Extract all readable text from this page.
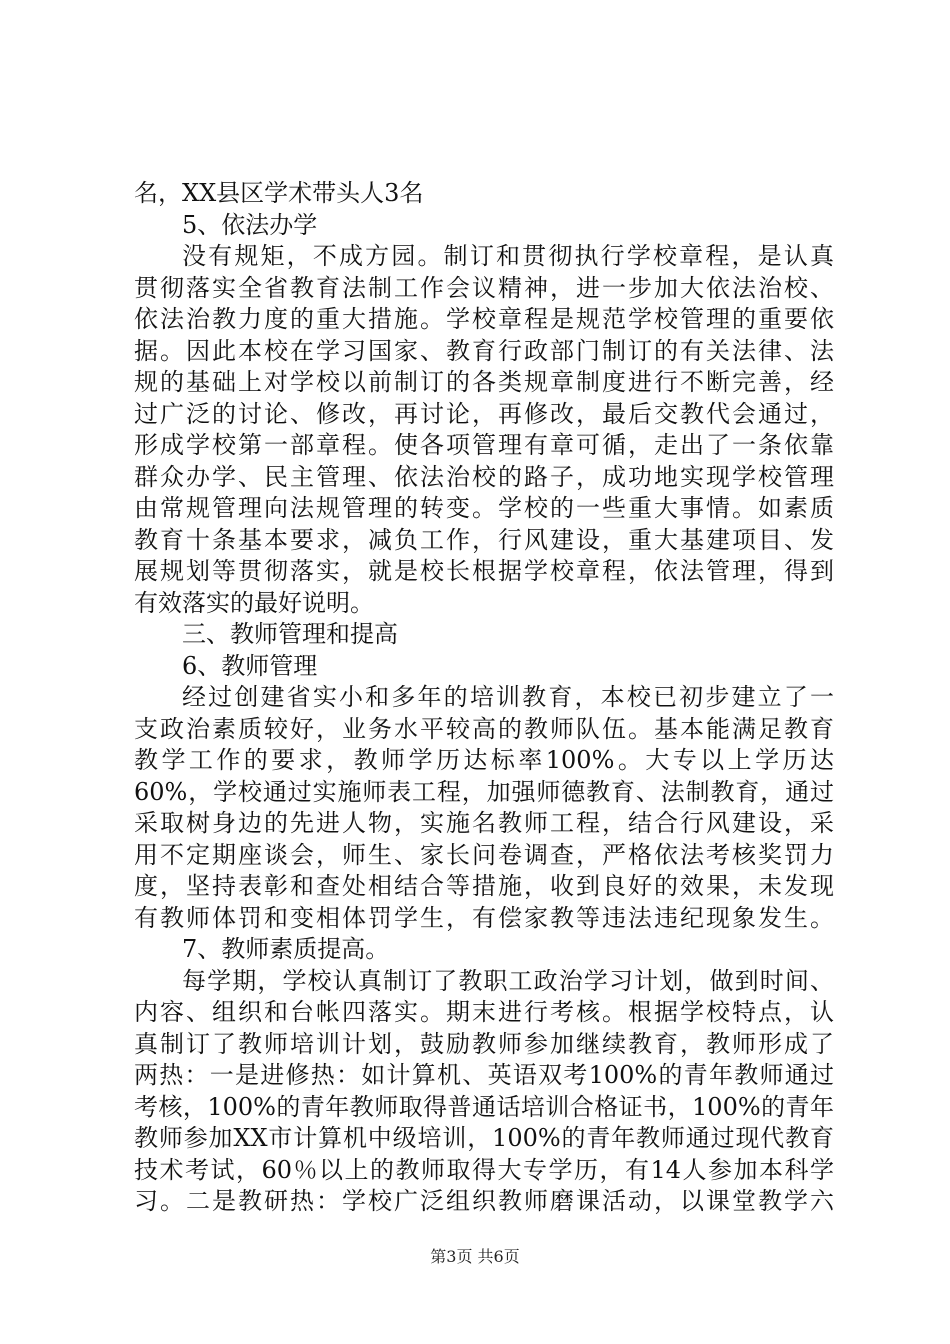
名，XX县区学术带头人3名
5、依法办学
没有规矩，不成方园。制订和贯彻执行学校章程，是认真
贯彻落实全省教育法制工作会议精神，进一步加大依法治校、
依法治教力度的重大措施。学校章程是规范学校管理的重要依
据。因此本校在学习国家、教育行政部门制订的有关法律、法
规的基础上对学校以前制订的各类规章制度进行不断完善，经
过广泛的讨论、修改，再讨论，再修改，最后交教代会通过，
形成学校第一部章程。使各项管理有章可循，走出了一条依靠
群众办学、民主管理、依法治校的路子，成功地实现学校管理
由常规管理向法规管理的转变。学校的一些重大事情。如素质
教育十条基本要求，减负工作，行风建设，重大基建项目、发
展规划等贯彻落实，就是校长根据学校章程，依法管理，得到
有效落实的最好说明。
三、教师管理和提高
6、教师管理
经过创建省实小和多年的培训教育，本校已初步建立了一
支政治素质较好，业务水平较高的教师队伍。基本能满足教育
教学工作的要求，教师学历达标率100%。大专以上学历达
60%，学校通过实施师表工程，加强师德教育、法制教育，通过
采取树身边的先进人物，实施名教师工程，结合行风建设，采
用不定期座谈会，师生、家长问卷调查，严格依法考核奖罚力
度，坚持表彰和查处相结合等措施，收到良好的效果，未发现
有教师体罚和变相体罚学生，有偿家教等违法违纪现象发生。
7、教师素质提高。
每学期，学校认真制订了教职工政治学习计划，做到时间、
内容、组织和台帐四落实。期末进行考核。根据学校特点，认
真制订了教师培训计划，鼓励教师参加继续教育，教师形成了
两热：一是进修热：如计算机、英语双考100%的青年教师通过
考核，100%的青年教师取得普通话培训合格证书，100%的青年
教师参加XX市计算机中级培训，100%的青年教师通过现代教育
技术考试，60％以上的教师取得大专学历，有14人参加本科学
习。二是教研热：学校广泛组织教师磨课活动，以课堂教学六
第3页 共6页
